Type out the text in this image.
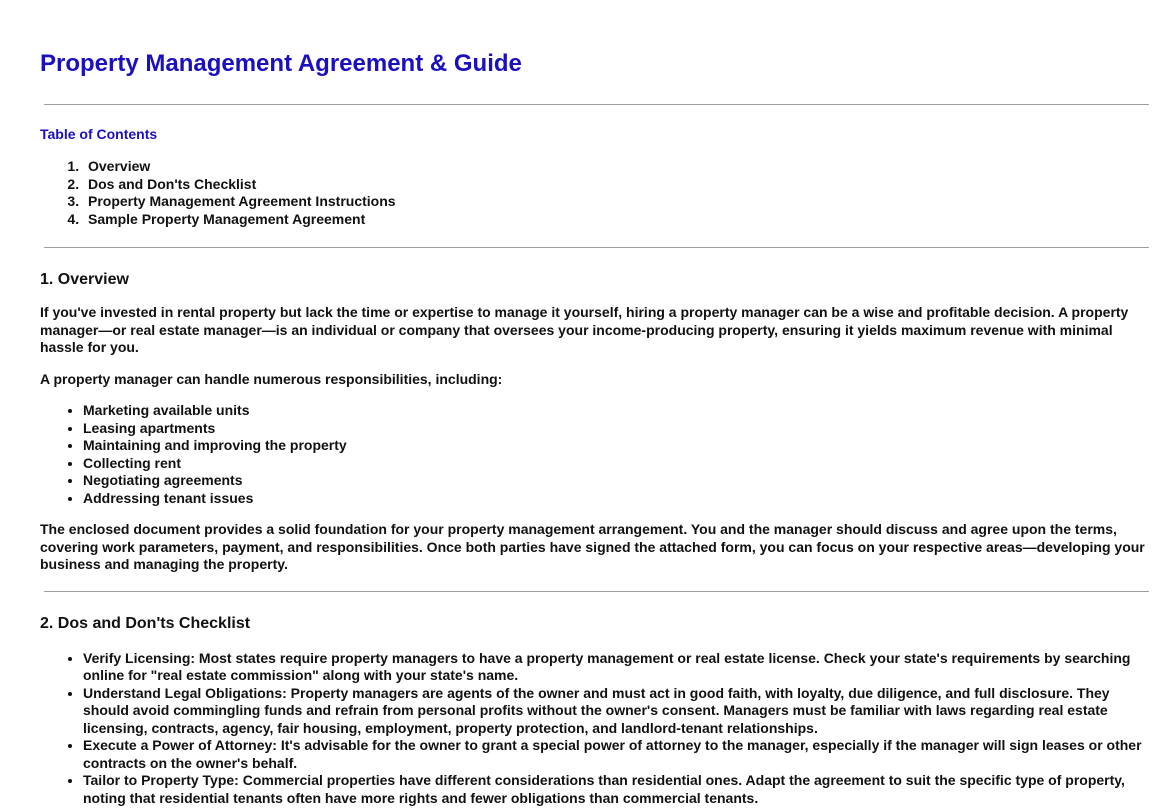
Property Management Agreement & Guide
Table of Contents
1. Overview
2. Dos and Don'ts Checklist
3. Property Management Agreement Instructions
4. Sample Property Management Agreement
1. Overview

If you've invested in rental property but lack the time or expertise to manage it yourself, hiring a property manager can be a wise and profitable decision. A property manager—or real estate manager—is an individual or company that oversees your income-producing property, ensuring it yields maximum revenue with minimal hassle for you.

A property manager can handle numerous responsibilities, including:

• Marketing available units
• Leasing apartments
• Maintaining and improving the property
• Collecting rent
• Negotiating agreements
• Addressing tenant issues

The enclosed document provides a solid foundation for your property management arrangement. You and the manager should discuss and agree upon the terms, covering work parameters, payment, and responsibilities. Once both parties have signed the attached form, you can focus on your respective areas—developing your business and managing the property.

2. Dos and Don'ts Checklist
• Verify Licensing: Most states require property managers to have a property management or real estate license. Check your state's requirements by searching online for "real estate commission" along with your state's name.
• Understand Legal Obligations: Property managers are agents of the owner and must act in good faith, with loyalty, due diligence, and full disclosure. They should avoid commingling funds and refrain from personal profits without the owner's consent. Managers must be familiar with laws regarding real estate licensing, contracts, agency, fair housing, employment, property protection, and landlord-tenant relationships.
• Execute a Power of Attorney: It's advisable for the owner to grant a special power of attorney to the manager, especially if the manager will sign leases or other contracts on the owner's behalf.
• Tailor to Property Type: Commercial properties have different considerations than residential ones. Adapt the agreement to suit the specific type of property, noting that residential tenants often have more rights and fewer obligations than commercial tenants.
